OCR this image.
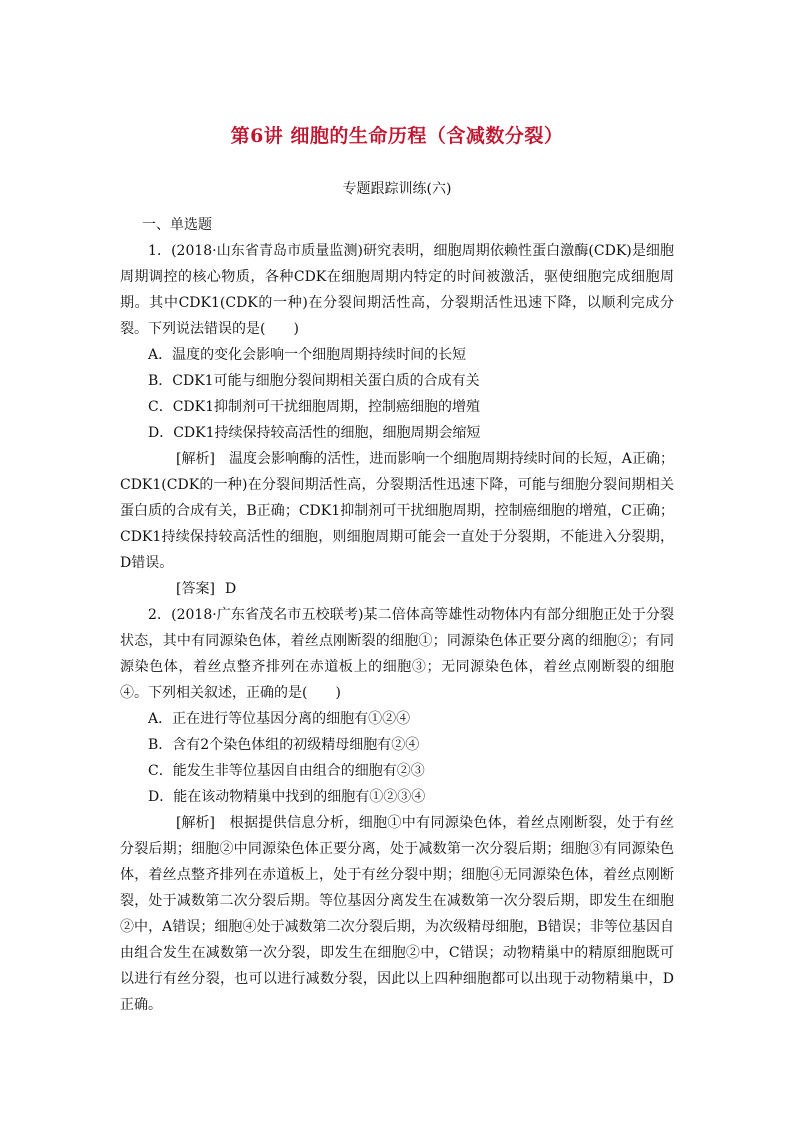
第6讲 细胞的生命历程（含减数分裂）
专题跟踪训练(六)
一、单选题
1．(2018·山东省青岛市质量监测)研究表明，细胞周期依赖性蛋白激酶(CDK)是细胞周期调控的核心物质，各种CDK在细胞周期内特定的时间被激活，驱使细胞完成细胞周期。其中CDK1(CDK的一种)在分裂间期活性高，分裂期活性迅速下降，以顺利完成分裂。下列说法错误的是(　　)
A．温度的变化会影响一个细胞周期持续时间的长短
B．CDK1可能与细胞分裂间期相关蛋白质的合成有关
C．CDK1抑制剂可干扰细胞周期，控制癌细胞的增殖
D．CDK1持续保持较高活性的细胞，细胞周期会缩短
[解析]　 温度会影响酶的活性，进而影响一个细胞周期持续时间的长短，A正确；CDK1(CDK的一种)在分裂间期活性高，分裂期活性迅速下降，可能与细胞分裂间期相关蛋白质的合成有关，B正确；CDK1抑制剂可干扰细胞周期，控制癌细胞的增殖，C正确；CDK1持续保持较高活性的细胞，则细胞周期可能会一直处于分裂期，不能进入分裂期，D错误。
[答案] D
2．(2018·广东省茂名市五校联考)某二倍体高等雄性动物体内有部分细胞正处于分裂状态，其中有同源染色体，着丝点刚断裂的细胞①；同源染色体正要分离的细胞②；有同源染色体，着丝点整齐排列在赤道板上的细胞③；无同源染色体，着丝点刚断裂的细胞④。下列相关叙述，正确的是(　　)
A．正在进行等位基因分离的细胞有①②④
B．含有2个染色体组的初级精母细胞有②④
C．能发生非等位基因自由组合的细胞有②③
D．能在该动物精巢中找到的细胞有①②③④
[解析]　 根据提供信息分析，细胞①中有同源染色体，着丝点刚断裂，处于有丝分裂后期；细胞②中同源染色体正要分离，处于减数第一次分裂后期；细胞③有同源染色体，着丝点整齐排列在赤道板上，处于有丝分裂中期；细胞④无同源染色体，着丝点刚断裂，处于减数第二次分裂后期。等位基因分离发生在减数第一次分裂后期，即发生在细胞②中，A错误；细胞④处于减数第二次分裂后期，为次级精母细胞，B错误；非等位基因自由组合发生在减数第一次分裂，即发生在细胞②中，C错误；动物精巢中的精原细胞既可以进行有丝分裂，也可以进行减数分裂，因此以上四种细胞都可以出现于动物精巢中，D正确。
